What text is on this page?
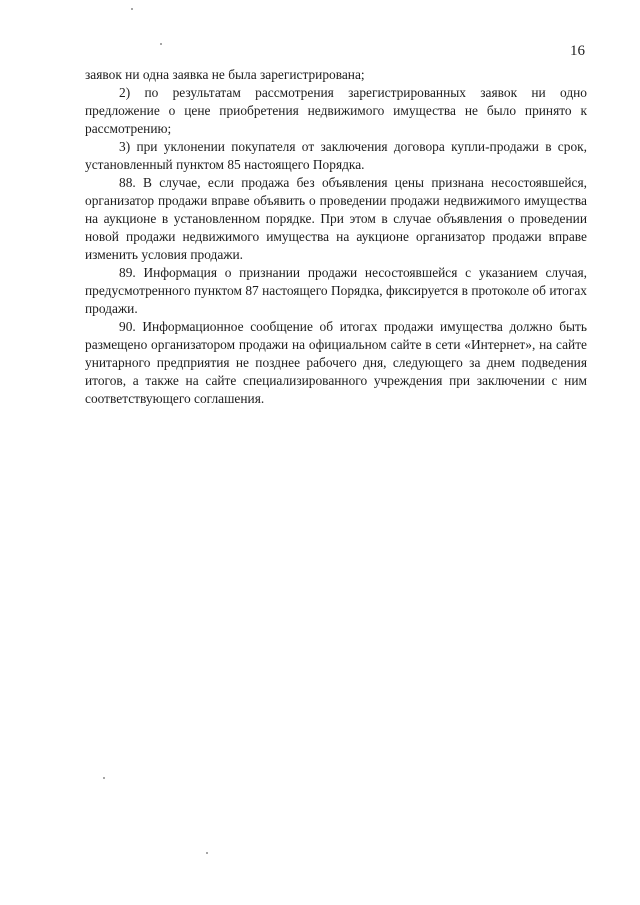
16

заявок ни одна заявка не была зарегистрирована;

2) по результатам рассмотрения зарегистрированных заявок ни одно предложение о цене приобретения недвижимого имущества не было принято к рассмотрению;

3) при уклонении покупателя от заключения договора купли-продажи в срок, установленный пунктом 85 настоящего Порядка.

88. В случае, если продажа без объявления цены признана несостоявшейся, организатор продажи вправе объявить о проведении продажи недвижимого имущества на аукционе в установленном порядке. При этом в случае объявления о проведении новой продажи недвижимого имущества на аукционе организатор продажи вправе изменить условия продажи.

89. Информация о признании продажи несостоявшейся с указанием случая, предусмотренного пунктом 87 настоящего Порядка, фиксируется в протоколе об итогах продажи.

90. Информационное сообщение об итогах продажи имущества должно быть размещено организатором продажи на официальном сайте в сети «Интернет», на сайте унитарного предприятия не позднее рабочего дня, следующего за днем подведения итогов, а также на сайте специализированного учреждения при заключении с ним соответствующего соглашения.
